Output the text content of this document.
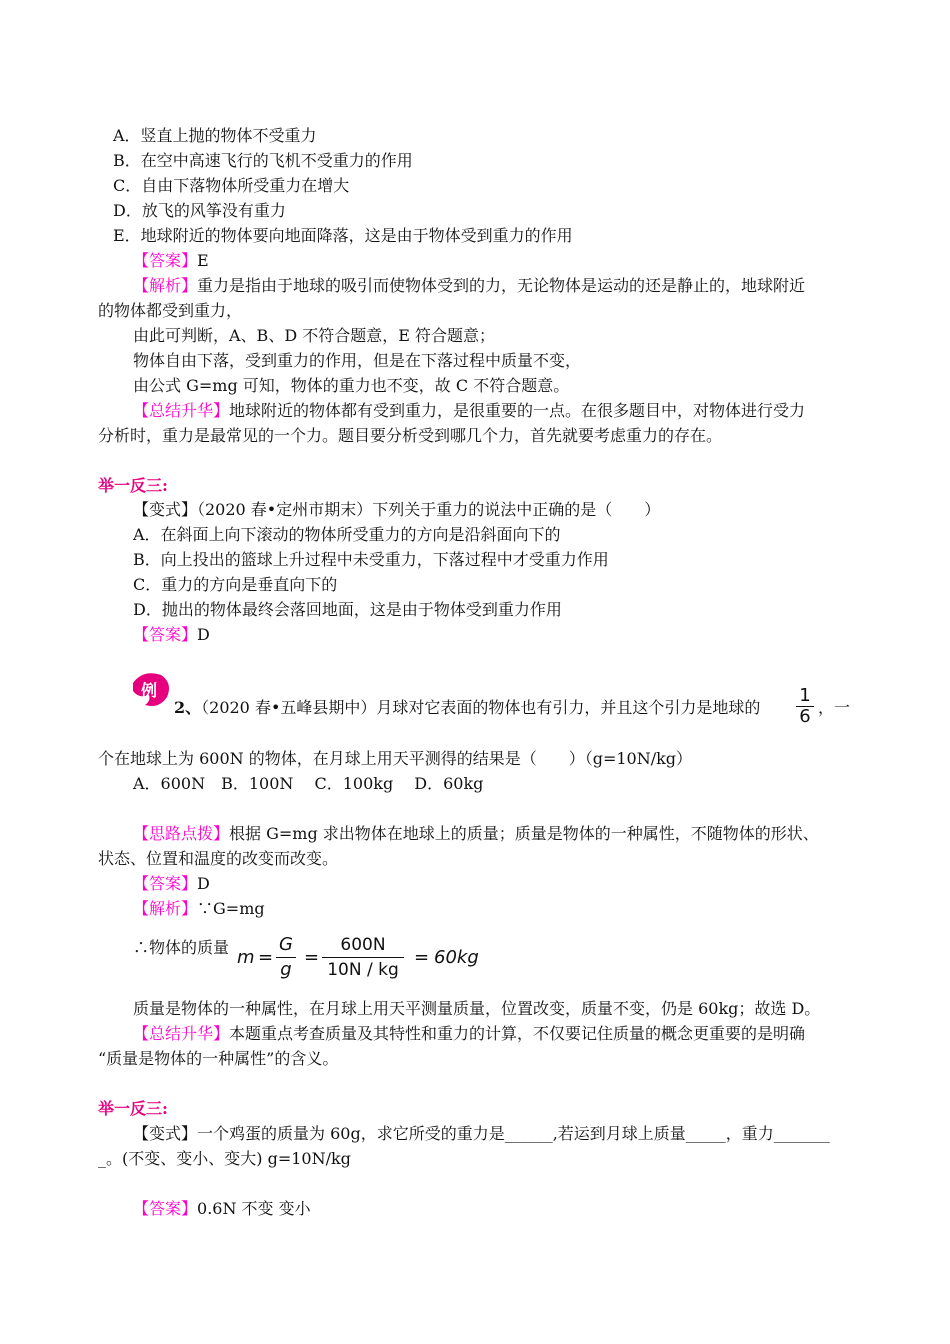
A．竖直上抛的物体不受重力
B．在空中高速飞行的飞机不受重力的作用
C．自由下落物体所受重力在增大
D．放飞的风筝没有重力
E．地球附近的物体要向地面降落，这是由于物体受到重力的作用
【答案】E
【解析】重力是指由于地球的吸引而使物体受到的力，无论物体是运动的还是静止的，地球附近
的物体都受到重力，
由此可判断，A、B、D 不符合题意，E 符合题意；
物体自由下落，受到重力的作用，但是在下落过程中质量不变，
由公式 G=mg 可知，物体的重力也不变，故 C 不符合题意。
【总结升华】地球附近的物体都有受到重力，是很重要的一点。在很多题目中，对物体进行受力
分析时，重力是最常见的一个力。题目要分析受到哪几个力，首先就要考虑重力的存在。
举一反三:
【变式】（2020 春•定州市期末）下列关于重力的说法中正确的是（　　）
A．在斜面上向下滚动的物体所受重力的方向是沿斜面向下的
B．向上投出的篮球上升过程中未受重力，下落过程中才受重力作用
C．重力的方向是垂直向下的
D．抛出的物体最终会落回地面，这是由于物体受到重力作用
【答案】D
例
2、（2020 春•五峰县期中）月球对它表面的物体也有引力，并且这个引力是地球的
1
6 ，一
个在地球上为 600N 的物体，在月球上用天平测得的结果是（　　）（g=10N/kg）
A．600N　B．100N　 C．100kg　 D．60kg
【思路点拨】根据 G=mg 求出物体在地球上的质量；质量是物体的一种属性，不随物体的形状、
状态、位置和温度的改变而改变。
【答案】D
【解析】∵G=mg
∴物体的质量 m =
G
g
=
600N
10N / kg
= 60kg
质量是物体的一种属性，在月球上用天平测量质量，位置改变，质量不变，仍是 60kg；故选 D。
【总结升华】本题重点考查质量及其特性和重力的计算，不仅要记住质量的概念更重要的是明确
“质量是物体的一种属性”的含义。
举一反三:
【变式】一个鸡蛋的质量为 60g，求它所受的重力是______,若运到月球上质量_____，重力_______
_。(不变、变小、变大) g=10N/kg
【答案】0.6N 不变 变小
